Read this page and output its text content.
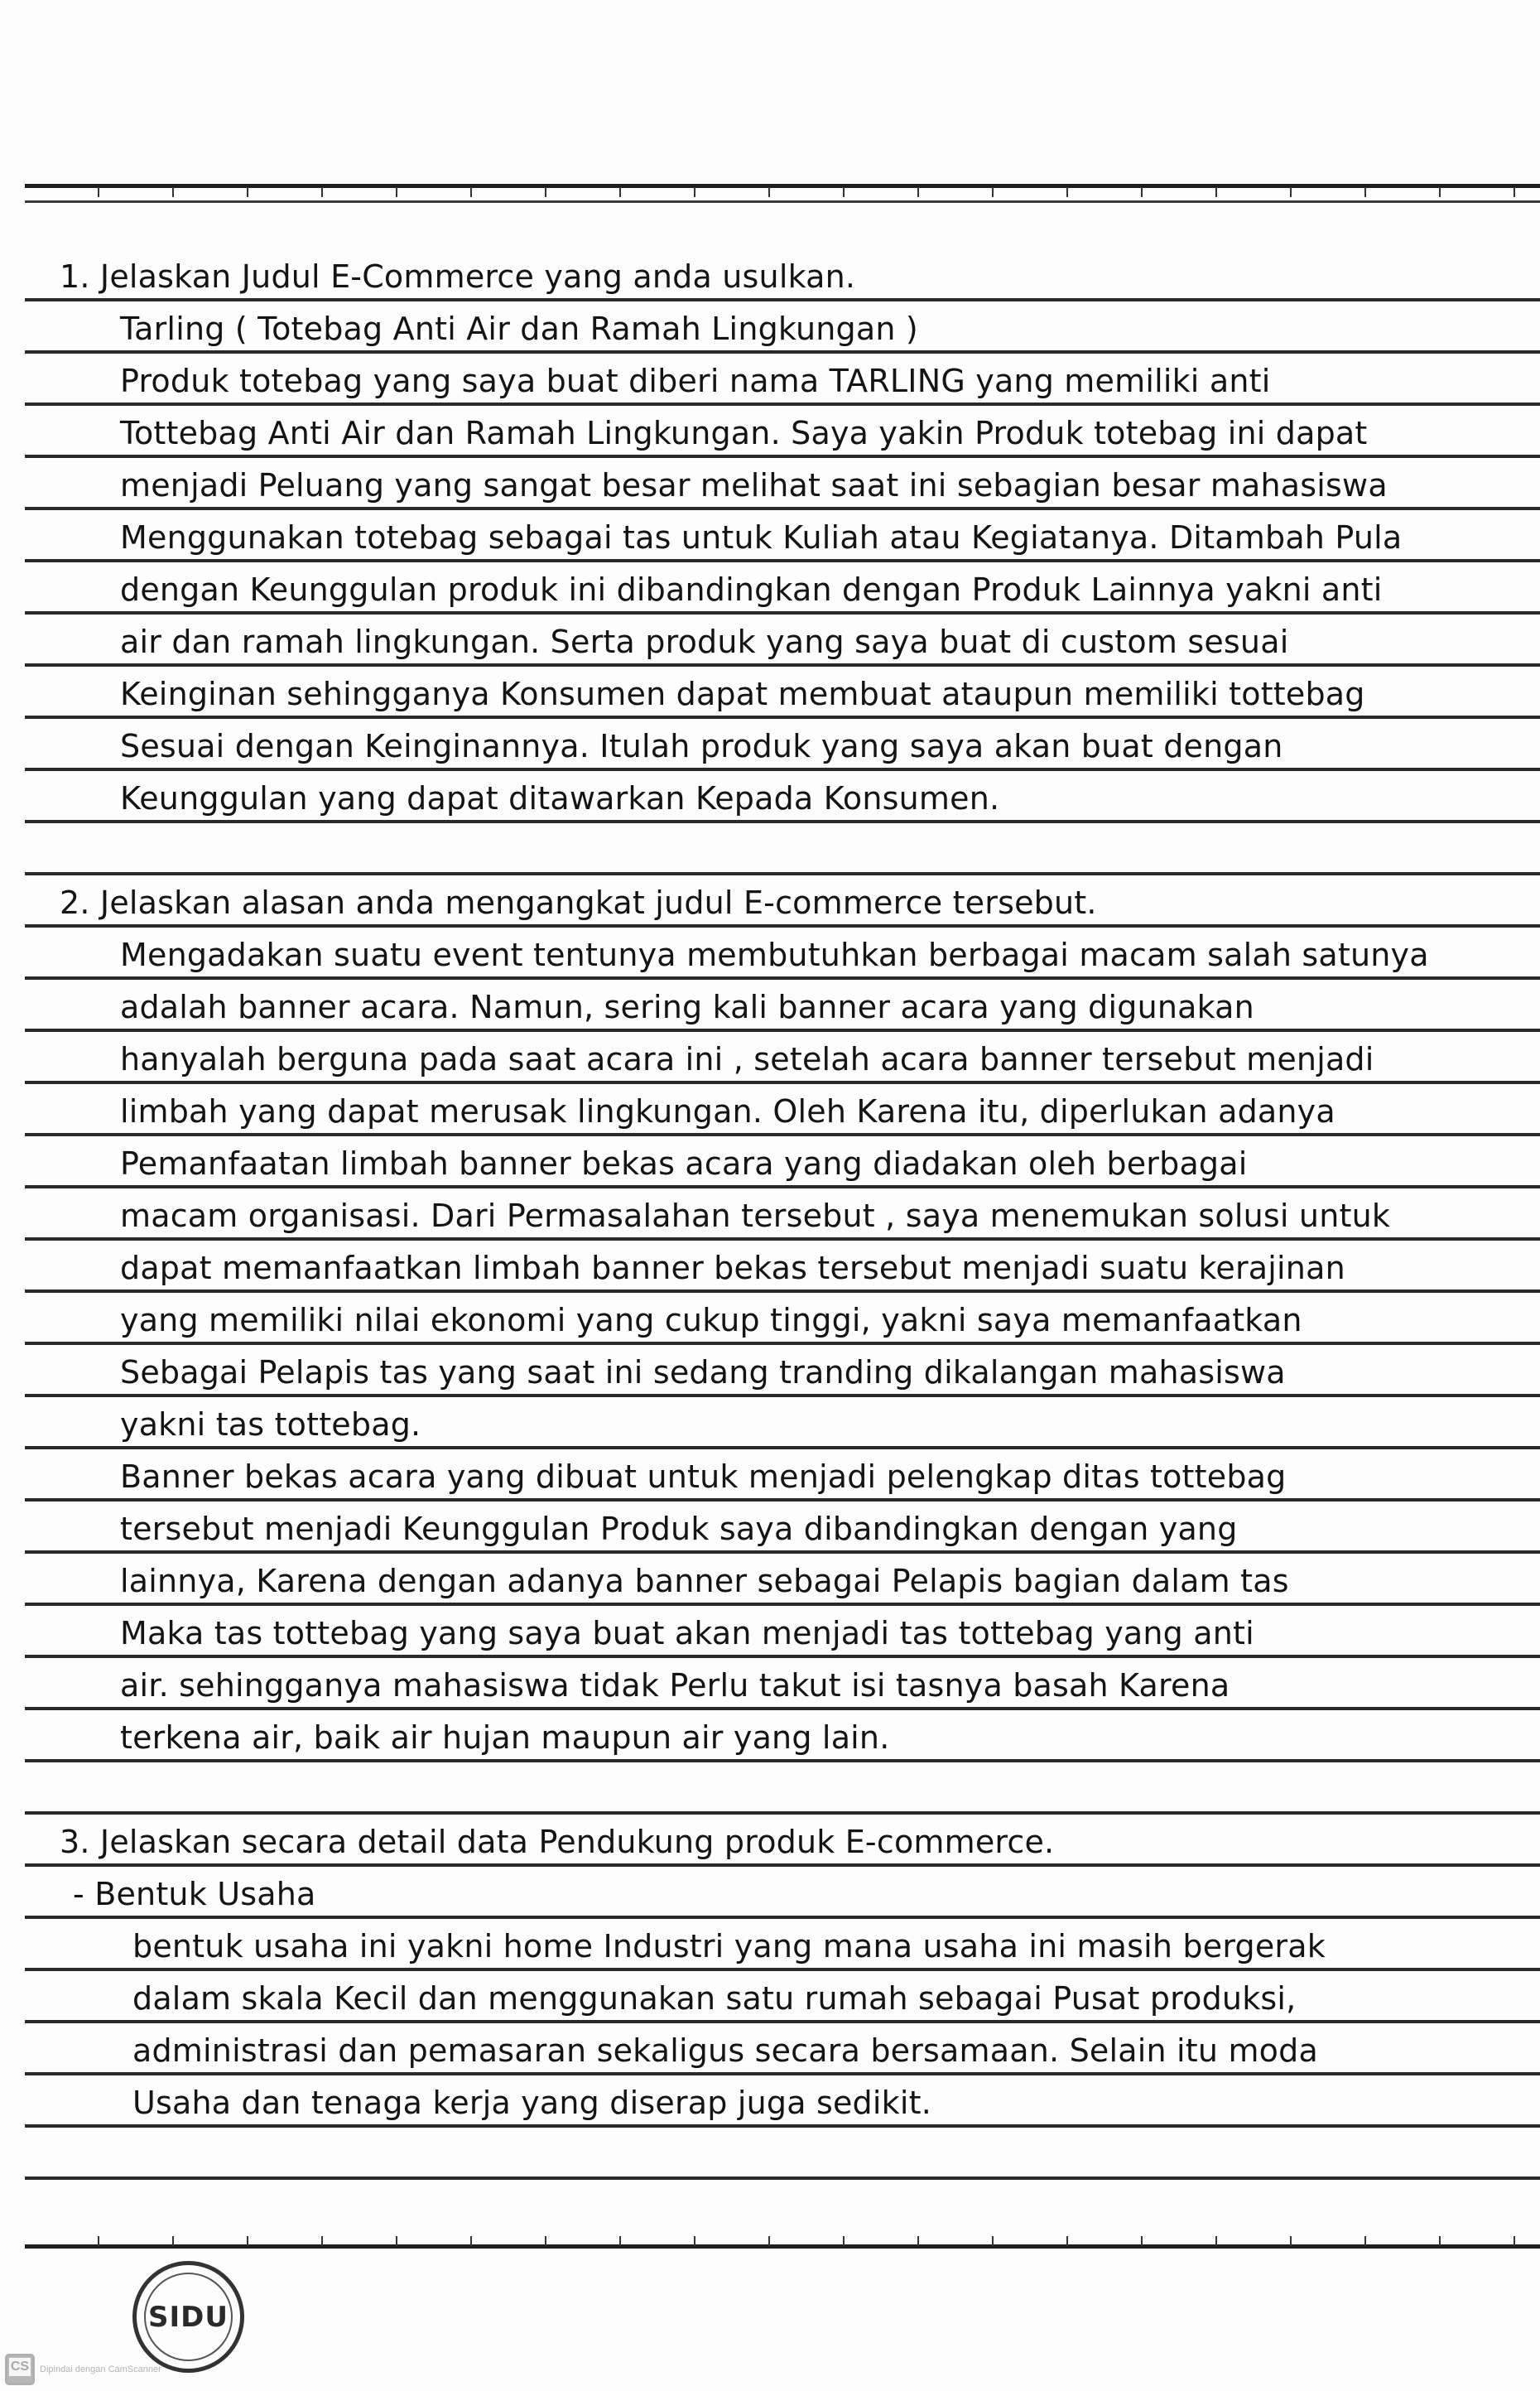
1. Jelaskan Judul E-Commerce yang anda usulkan.
Tarling ( Totebag Anti Air dan Ramah Lingkungan )
Produk totebag yang saya buat diberi nama TARLING yang memiliki anti
Tottebag Anti Air dan Ramah Lingkungan. Saya yakin Produk totebag ini dapat
menjadi Peluang yang sangat besar melihat saat ini sebagian besar mahasiswa
Menggunakan totebag sebagai tas untuk Kuliah atau Kegiatanya. Ditambah Pula
dengan Keunggulan produk ini dibandingkan dengan Produk Lainnya yakni anti
air dan ramah lingkungan. Serta produk yang saya buat di custom sesuai
Keinginan sehingganya Konsumen dapat membuat ataupun memiliki tottebag
Sesuai dengan Keinginannya. Itulah produk yang saya akan buat dengan
Keunggulan yang dapat ditawarkan Kepada Konsumen.
2. Jelaskan alasan anda mengangkat judul E-commerce tersebut.
Mengadakan suatu event tentunya membutuhkan berbagai macam salah satunya
adalah banner acara. Namun, sering kali banner acara yang digunakan
hanyalah berguna pada saat acara ini , setelah acara banner tersebut menjadi
limbah yang dapat merusak lingkungan. Oleh Karena itu, diperlukan adanya
Pemanfaatan limbah banner bekas acara yang diadakan oleh berbagai
macam organisasi. Dari Permasalahan tersebut , saya menemukan solusi untuk
dapat memanfaatkan limbah banner bekas tersebut menjadi suatu kerajinan
yang memiliki nilai ekonomi yang cukup tinggi, yakni saya memanfaatkan
Sebagai Pelapis tas yang saat ini sedang tranding dikalangan mahasiswa
yakni tas tottebag.
Banner bekas acara yang dibuat untuk menjadi pelengkap ditas tottebag
tersebut menjadi Keunggulan Produk saya dibandingkan dengan yang
lainnya, Karena dengan adanya banner sebagai Pelapis bagian dalam tas
Maka tas tottebag yang saya buat akan menjadi tas tottebag yang anti
air. sehingganya mahasiswa tidak Perlu takut isi tasnya basah Karena
terkena air, baik air hujan maupun air yang lain.
3. Jelaskan secara detail data Pendukung produk E-commerce.
- Bentuk Usaha
bentuk usaha ini yakni home Industri yang mana usaha ini masih bergerak
dalam skala Kecil dan menggunakan satu rumah sebagai Pusat produksi,
administrasi dan pemasaran sekaligus secara bersamaan. Selain itu moda
Usaha dan tenaga kerja yang diserap juga sedikit.
SIDU
CS Dipindai dengan CamScanner
